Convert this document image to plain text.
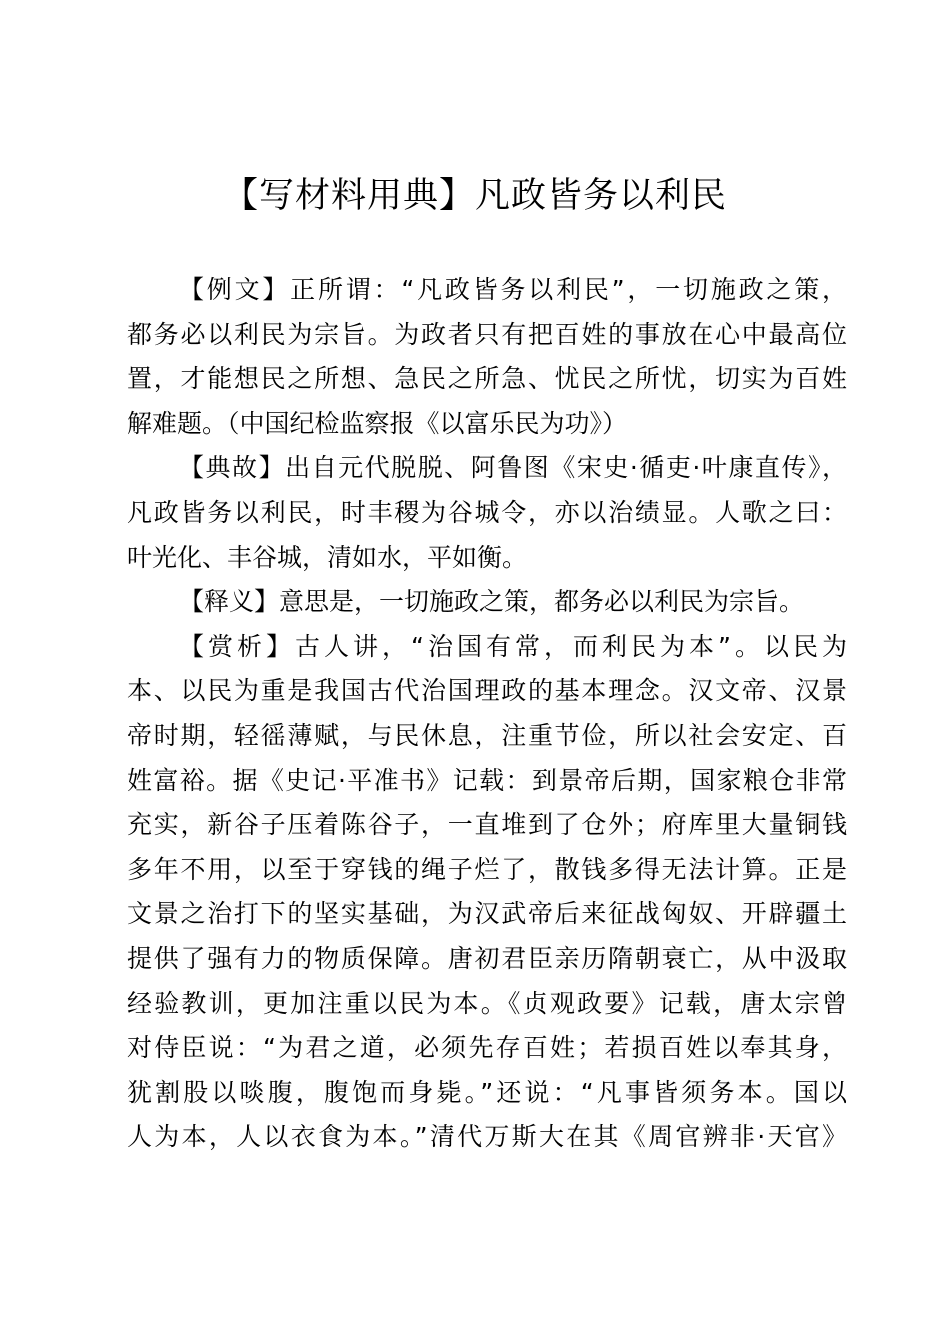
【写材料用典】凡政皆务以利民
【例文】正所谓：“凡政皆务以利民”，一切施政之策，
都务必以利民为宗旨。为政者只有把百姓的事放在心中最高位
置，才能想民之所想、急民之所急、忧民之所忧，切实为百姓
解难题。（中国纪检监察报《以富乐民为功》）
【典故】出自元代脱脱、阿鲁图《宋史·循吏·叶康直传》，
凡政皆务以利民，时丰稷为谷城令，亦以治绩显。人歌之曰：
叶光化、丰谷城，清如水，平如衡。
【释义】意思是，一切施政之策，都务必以利民为宗旨。
【赏析】古人讲，“治国有常，而利民为本”。以民为
本、以民为重是我国古代治国理政的基本理念。汉文帝、汉景
帝时期，轻徭薄赋，与民休息，注重节俭，所以社会安定、百
姓富裕。据《史记·平准书》记载：到景帝后期，国家粮仓非常
充实，新谷子压着陈谷子，一直堆到了仓外；府库里大量铜钱
多年不用，以至于穿钱的绳子烂了，散钱多得无法计算。正是
文景之治打下的坚实基础，为汉武帝后来征战匈奴、开辟疆土
提供了强有力的物质保障。唐初君臣亲历隋朝衰亡，从中汲取
经验教训，更加注重以民为本。《贞观政要》记载，唐太宗曾
对侍臣说：“为君之道，必须先存百姓；若损百姓以奉其身，
犹割股以啖腹，腹饱而身毙。”还说：“凡事皆须务本。国以
人为本，人以衣食为本。”清代万斯大在其《周官辨非·天官》
